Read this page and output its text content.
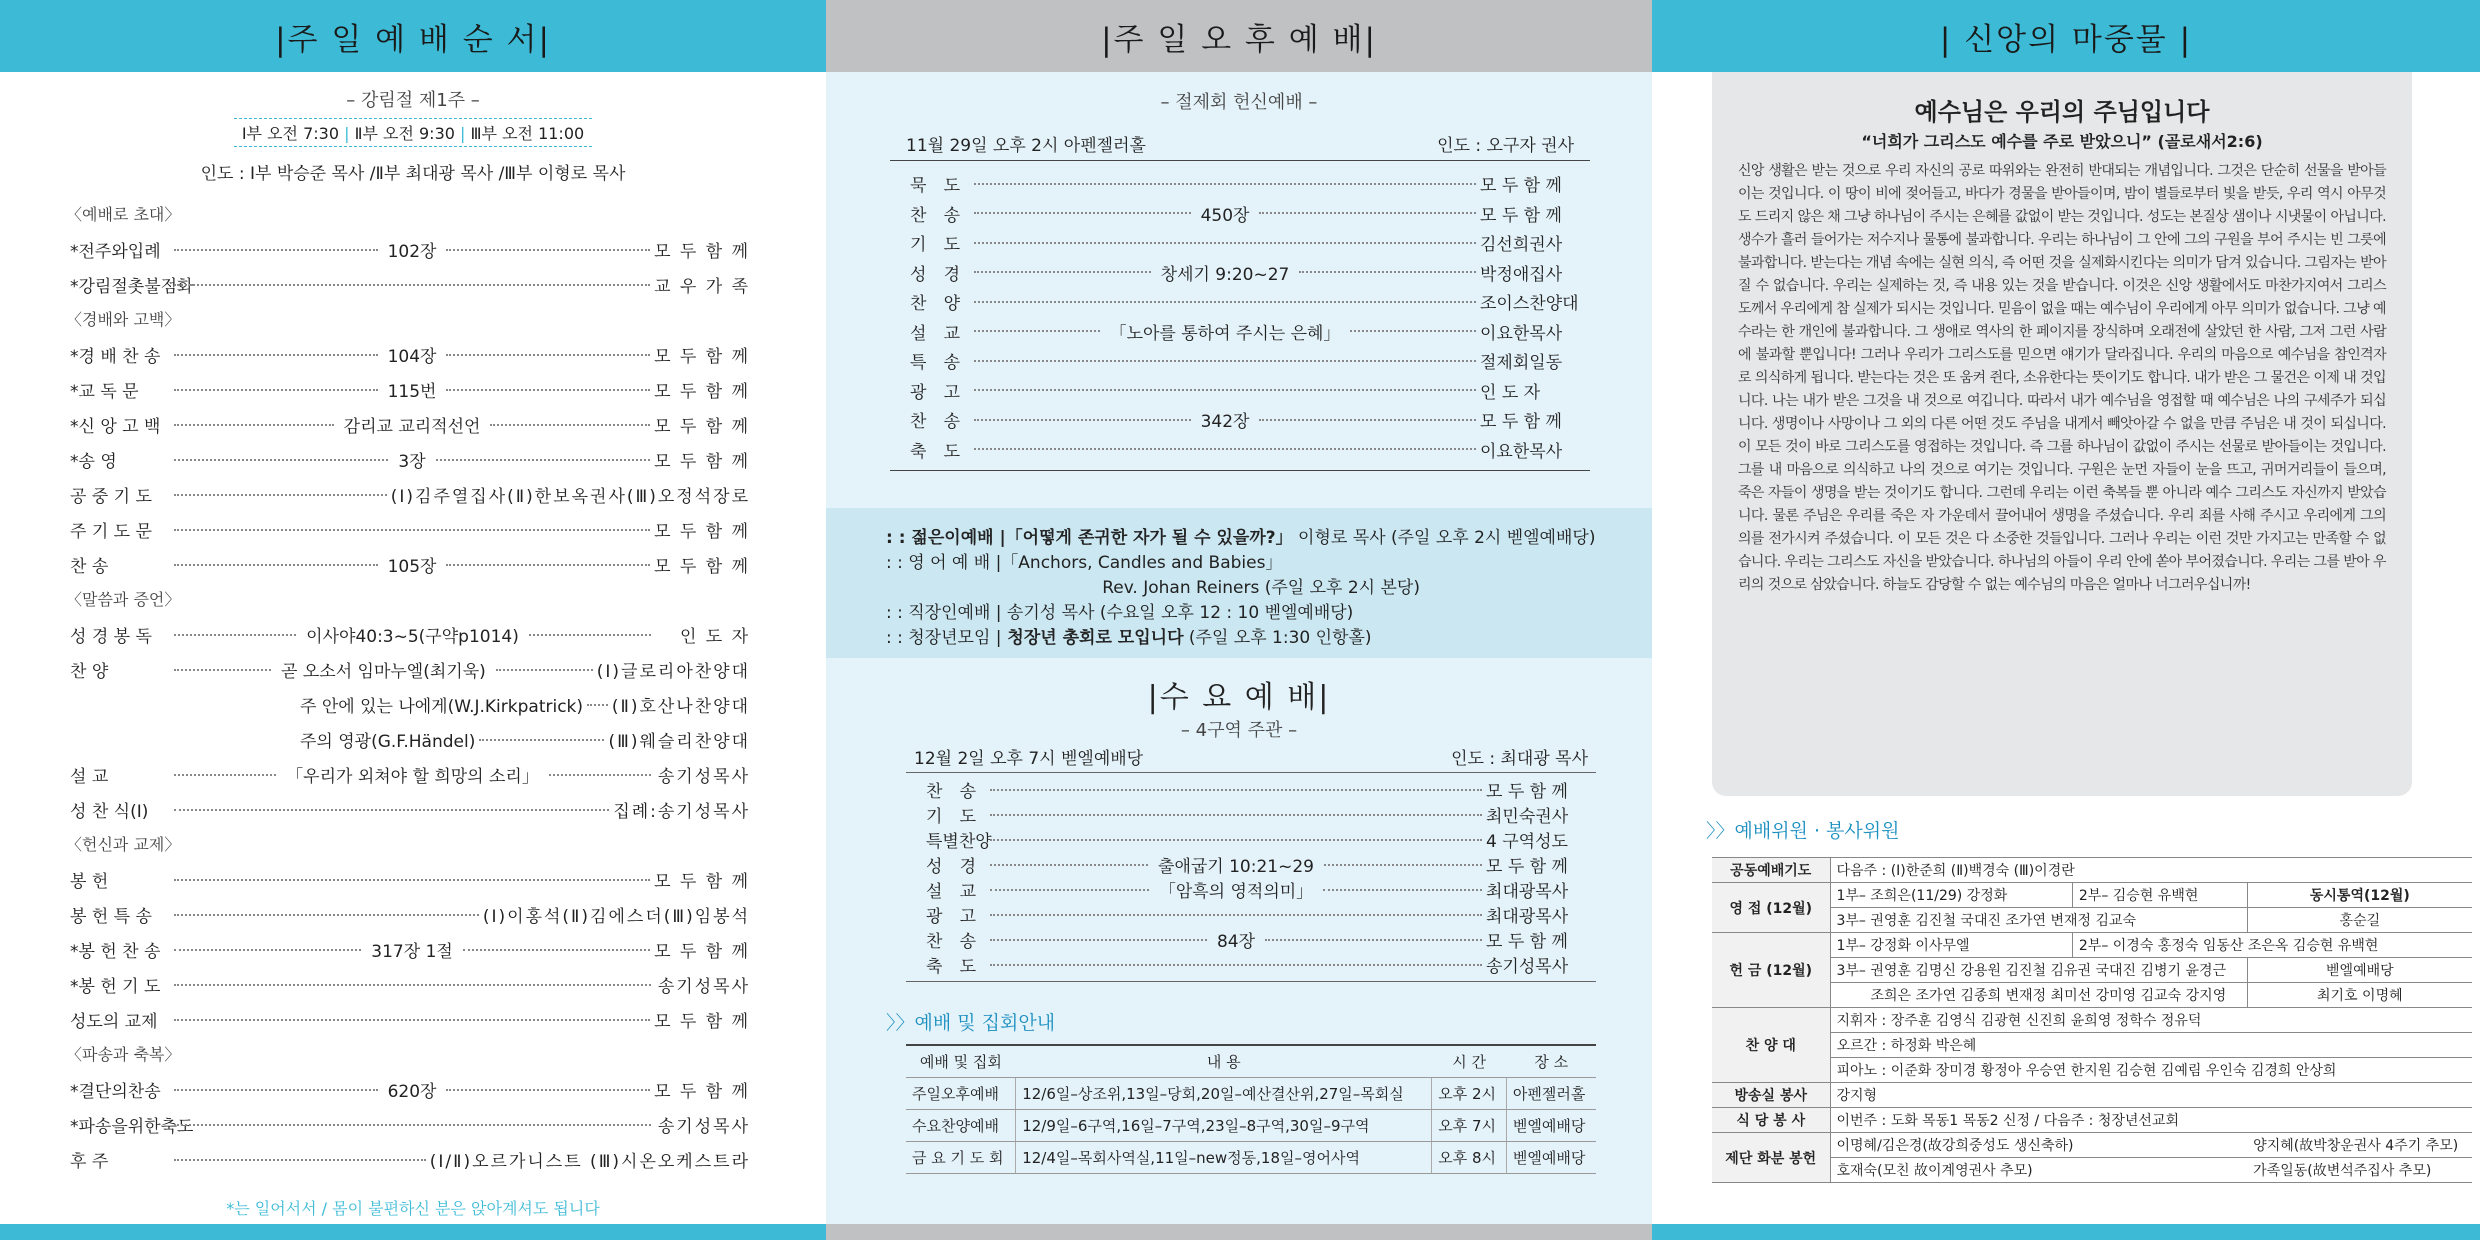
|주 일 예 배 순 서|
– 강림절 제1주 –
Ⅰ부 오전 7:30 | Ⅱ부 오전 9:30 | Ⅲ부 오전 11:00
인도 : Ⅰ부 박승준 목사 /Ⅱ부 최대광 목사 /Ⅲ부 이형로 목사
〈예배로 초대〉
*전주와입례	102장	모 두 함 께
*강림절촛불점화	교 우 가 족
〈경배와 고백〉
*경 배 찬 송	104장	모 두 함 께
*교 독 문	115번	모 두 함 께
*신 앙 고 백	감리교 교리적선언	모 두 함 께
*송 영	3장	모 두 함 께
공 중 기 도	(Ⅰ)김주열집사(Ⅱ)한보옥권사(Ⅲ)오정석장로
주 기 도 문	모 두 함 께
찬 송	105장	모 두 함 께
〈말씀과 증언〉
성 경 봉 독	이사야40:3~5(구약p1014)	인 도 자
찬 양	곧 오소서 임마누엘(최기욱)	(Ⅰ)글로리아찬양대
주 안에 있는 나에게(W.J.Kirkpatrick) (Ⅱ)호산나찬양대
주의 영광(G.F.Händel)	(Ⅲ)웨슬리찬양대
설 교	「우리가 외쳐야 할 희망의 소리」	송기성목사
성 찬 식(Ⅰ)	집례:송기성목사
〈헌신과 교제〉
봉 헌	모 두 함 께
봉 헌 특 송	(Ⅰ)이홍석(Ⅱ)김에스더(Ⅲ)임봉석
*봉 헌 찬 송	317장 1절	모 두 함 께
*봉 헌 기 도	송기성목사
성도의 교제	모 두 함 께
〈파송과 축복〉
*결단의찬송	620장	모 두 함 께
*파송을위한축도	송기성목사
후 주	(Ⅰ/Ⅱ)오르가니스트 (Ⅲ)시온오케스트라
*는 일어서서 / 몸이 불편하신 분은 앉아계셔도 됩니다
|주 일 오 후 예 배|
– 절제회 헌신예배 –
11월 29일 오후 2시 아펜젤러홀	인도 : 오구자 권사
묵 도	모 두 함 께
찬 송	450장	모 두 함 께
기 도	김선희권사
성 경	창세기 9:20~27	박정애집사
찬 양	조이스찬양대
설 교	「노아를 통하여 주시는 은혜」	이요한목사
특 송	절제회일동
광 고	인 도 자
찬 송	342장	모 두 함 께
축 도	이요한목사
: : 젊은이예배 |「어떻게 존귀한 자가 될 수 있을까?」 이형로 목사 (주일 오후 2시 벧엘예배당)
: : 영 어 예 배 |「Anchors, Candles and Babies」
Rev. Johan Reiners (주일 오후 2시 본당)
: : 직장인예배 | 송기성 목사 (수요일 오후 12 : 10 벧엘예배당)
: : 청장년모임 | 청장년 총회로 모입니다 (주일 오후 1:30 인항홀)
|수 요 예 배|
– 4구역 주관 –
12월 2일 오후 7시 벧엘예배당	인도 : 최대광 목사
찬 송	모 두 함 께
기 도	최민숙권사
특별찬양	4 구역성도
성 경	출애굽기 10:21~29	모 두 함 께
설 교	「암흑의 영적의미」	최대광목사
광 고	최대광목사
찬 송	84장	모 두 함 께
축 도	송기성목사
〉〉예배 및 집회안내
예배 및 집회	내 용	시 간	장 소
주일오후예배	12/6일–상조위,13일–당회,20일–예산결산위,27일–목회실	오후 2시	아펜젤러홀
수요찬양예배	12/9일–6구역,16일–7구역,23일–8구역,30일–9구역	오후 7시	벧엘예배당
금 요 기 도 회	12/4일–목회사역실,11일–new정동,18일–영어사역	오후 8시	벧엘예배당
| 신앙의 마중물 |
예수님은 우리의 주님입니다
“너희가 그리스도 예수를 주로 받았으니” (골로새서2:6)

신앙 생활은 받는 것으로 우리 자신의 공로 따위와는 완전히 반대되는 개념입니다. 그것은 단순히 선물을 받아들이는 것입니다. 이 땅이 비에 젖어들고, 바다가 경물을 받아들이며, 밤이 별들로부터 빛을 받듯, 우리 역시 아무것도 드리지 않은 채 그냥 하나님이 주시는 은혜를 값없이 받는 것입니다. 성도는 본질상 샘이나 시냇물이 아닙니다. 생수가 흘러 들어가는 저수지나 물통에 불과합니다. 우리는 하나님이 그 안에 그의 구원을 부어 주시는 빈 그릇에 불과합니다. 받는다는 개념 속에는 실현 의식, 즉 어떤 것을 실제화시킨다는 의미가 담겨 있습니다. 그림자는 받아질 수 없습니다. 우리는 실제하는 것, 즉 내용 있는 것을 받습니다. 이것은 신앙 생활에서도 마찬가지여서 그리스도께서 우리에게 참 실제가 되시는 것입니다. 믿음이 없을 때는 예수님이 우리에게 아무 의미가 없습니다. 그냥 예수라는 한 개인에 불과합니다. 그 생애로 역사의 한 페이지를 장식하며 오래전에 살았던 한 사람, 그저 그런 사람에 불과할 뿐입니다! 그러나 우리가 그리스도를 믿으면 얘기가 달라집니다. 우리의 마음으로 예수님을 참인격자로 의식하게 됩니다. 받는다는 것은 또 움켜 쥔다, 소유한다는 뜻이기도 합니다. 내가 받은 그 물건은 이제 내 것입니다. 나는 내가 받은 그것을 내 것으로 여깁니다. 따라서 내가 예수님을 영접할 때 예수님은 나의 구세주가 되십니다. 생명이나 사망이나 그 외의 다른 어떤 것도 주님을 내게서 빼앗아갈 수 없을 만큼 주님은 내 것이 되십니다. 이 모든 것이 바로 그리스도를 영접하는 것입니다. 즉 그를 하나님이 값없이 주시는 선물로 받아들이는 것입니다. 그를 내 마음으로 의식하고 나의 것으로 여기는 것입니다. 구원은 눈먼 자들이 눈을 뜨고, 귀머거리들이 들으며, 죽은 자들이 생명을 받는 것이기도 합니다. 그런데 우리는 이런 축복들 뿐 아니라 예수 그리스도 자신까지 받았습니다. 물론 주님은 우리를 죽은 자 가운데서 끌어내어 생명을 주셨습니다. 우리 죄를 사해 주시고 우리에게 그의 의를 전가시켜 주셨습니다. 이 모든 것은 다 소중한 것들입니다. 그러나 우리는 이런 것만 가지고는 만족할 수 없습니다. 우리는 그리스도 자신을 받았습니다. 하나님의 아들이 우리 안에 쏟아 부어졌습니다. 우리는 그를 받아 우리의 것으로 삼았습니다. 하늘도 감당할 수 없는 예수님의 마음은 얼마나 너그러우십니까!

〉〉예배위원 · 봉사위원
공동예배기도	다음주 : (Ⅰ)한준희 (Ⅱ)백경숙 (Ⅲ)이경란		
영 접 (12월)	1부– 조희은(11/29) 강정화	2부– 김승현 유백현	동시통역(12월)
	3부– 권영훈 김진철 국대진 조가연 변재정 김교숙		홍순길
헌 금 (12월)	1부– 강정화 이사무엘	2부– 이경숙 홍정숙 임동산 조은옥 김승현 유백현	
	3부– 권영훈 김명신 강용원 김진철 김유권 국대진 김병기 윤경근		벧엘예배당
	조희은 조가연 김종희 변재정 최미선 강미영 김교숙 강지영		최기호 이명혜
찬 양 대	지휘자 : 장주훈 김영식 김광현 신진희 윤희영 정학수 정유덕		
	오르간 : 하정화 박은혜		
	피아노 : 이준화 장미경 황정아 우승연 한지원 김승현 김예림 우인숙 김경희 안상희		
방송실 봉사	강지형		
식 당 봉 사	이번주 : 도화 목동1 목동2 신정 / 다음주 : 청장년선교회		
제단 화분 봉헌	이명혜/김은경(故강희중성도 생신축하)		양지혜(故박창운권사 4주기 추모)
	호재숙(모친 故이계영권사 추모)		가족일동(故변석주집사 추모)
